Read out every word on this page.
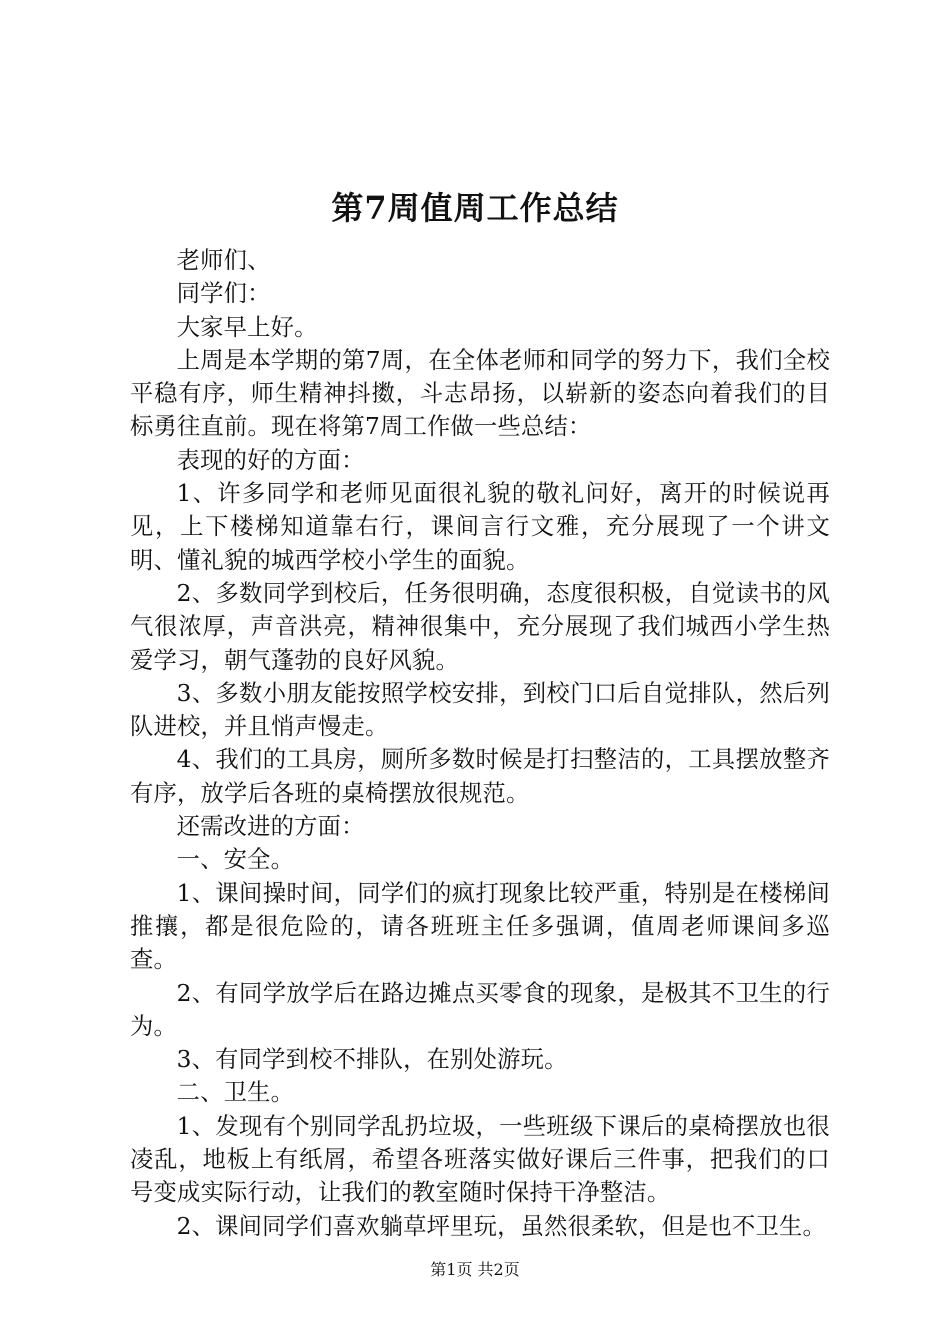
第7周值周工作总结

老师们、

同学们：

大家早上好。

上周是本学期的第7周，在全体老师和同学的努力下，我们全校平稳有序，师生精神抖擞，斗志昂扬，以崭新的姿态向着我们的目标勇往直前。现在将第7周工作做一些总结：

表现的好的方面：

1、许多同学和老师见面很礼貌的敬礼问好，离开的时候说再见，上下楼梯知道靠右行，课间言行文雅，充分展现了一个讲文明、懂礼貌的城西学校小学生的面貌。

2、多数同学到校后，任务很明确，态度很积极，自觉读书的风气很浓厚，声音洪亮，精神很集中，充分展现了我们城西小学生热爱学习，朝气蓬勃的良好风貌。

3、多数小朋友能按照学校安排，到校门口后自觉排队，然后列队进校，并且悄声慢走。

4、我们的工具房，厕所多数时候是打扫整洁的，工具摆放整齐有序，放学后各班的桌椅摆放很规范。

还需改进的方面：

一、安全。

1、课间操时间，同学们的疯打现象比较严重，特别是在楼梯间推攘，都是很危险的，请各班班主任多强调，值周老师课间多巡查。

2、有同学放学后在路边摊点买零食的现象，是极其不卫生的行为。

3、有同学到校不排队，在别处游玩。

二、卫生。

1、发现有个别同学乱扔垃圾，一些班级下课后的桌椅摆放也很凌乱，地板上有纸屑，希望各班落实做好课后三件事，把我们的口号变成实际行动，让我们的教室随时保持干净整洁。

2、课间同学们喜欢躺草坪里玩，虽然很柔软，但是也不卫生。

第1页 共2页
